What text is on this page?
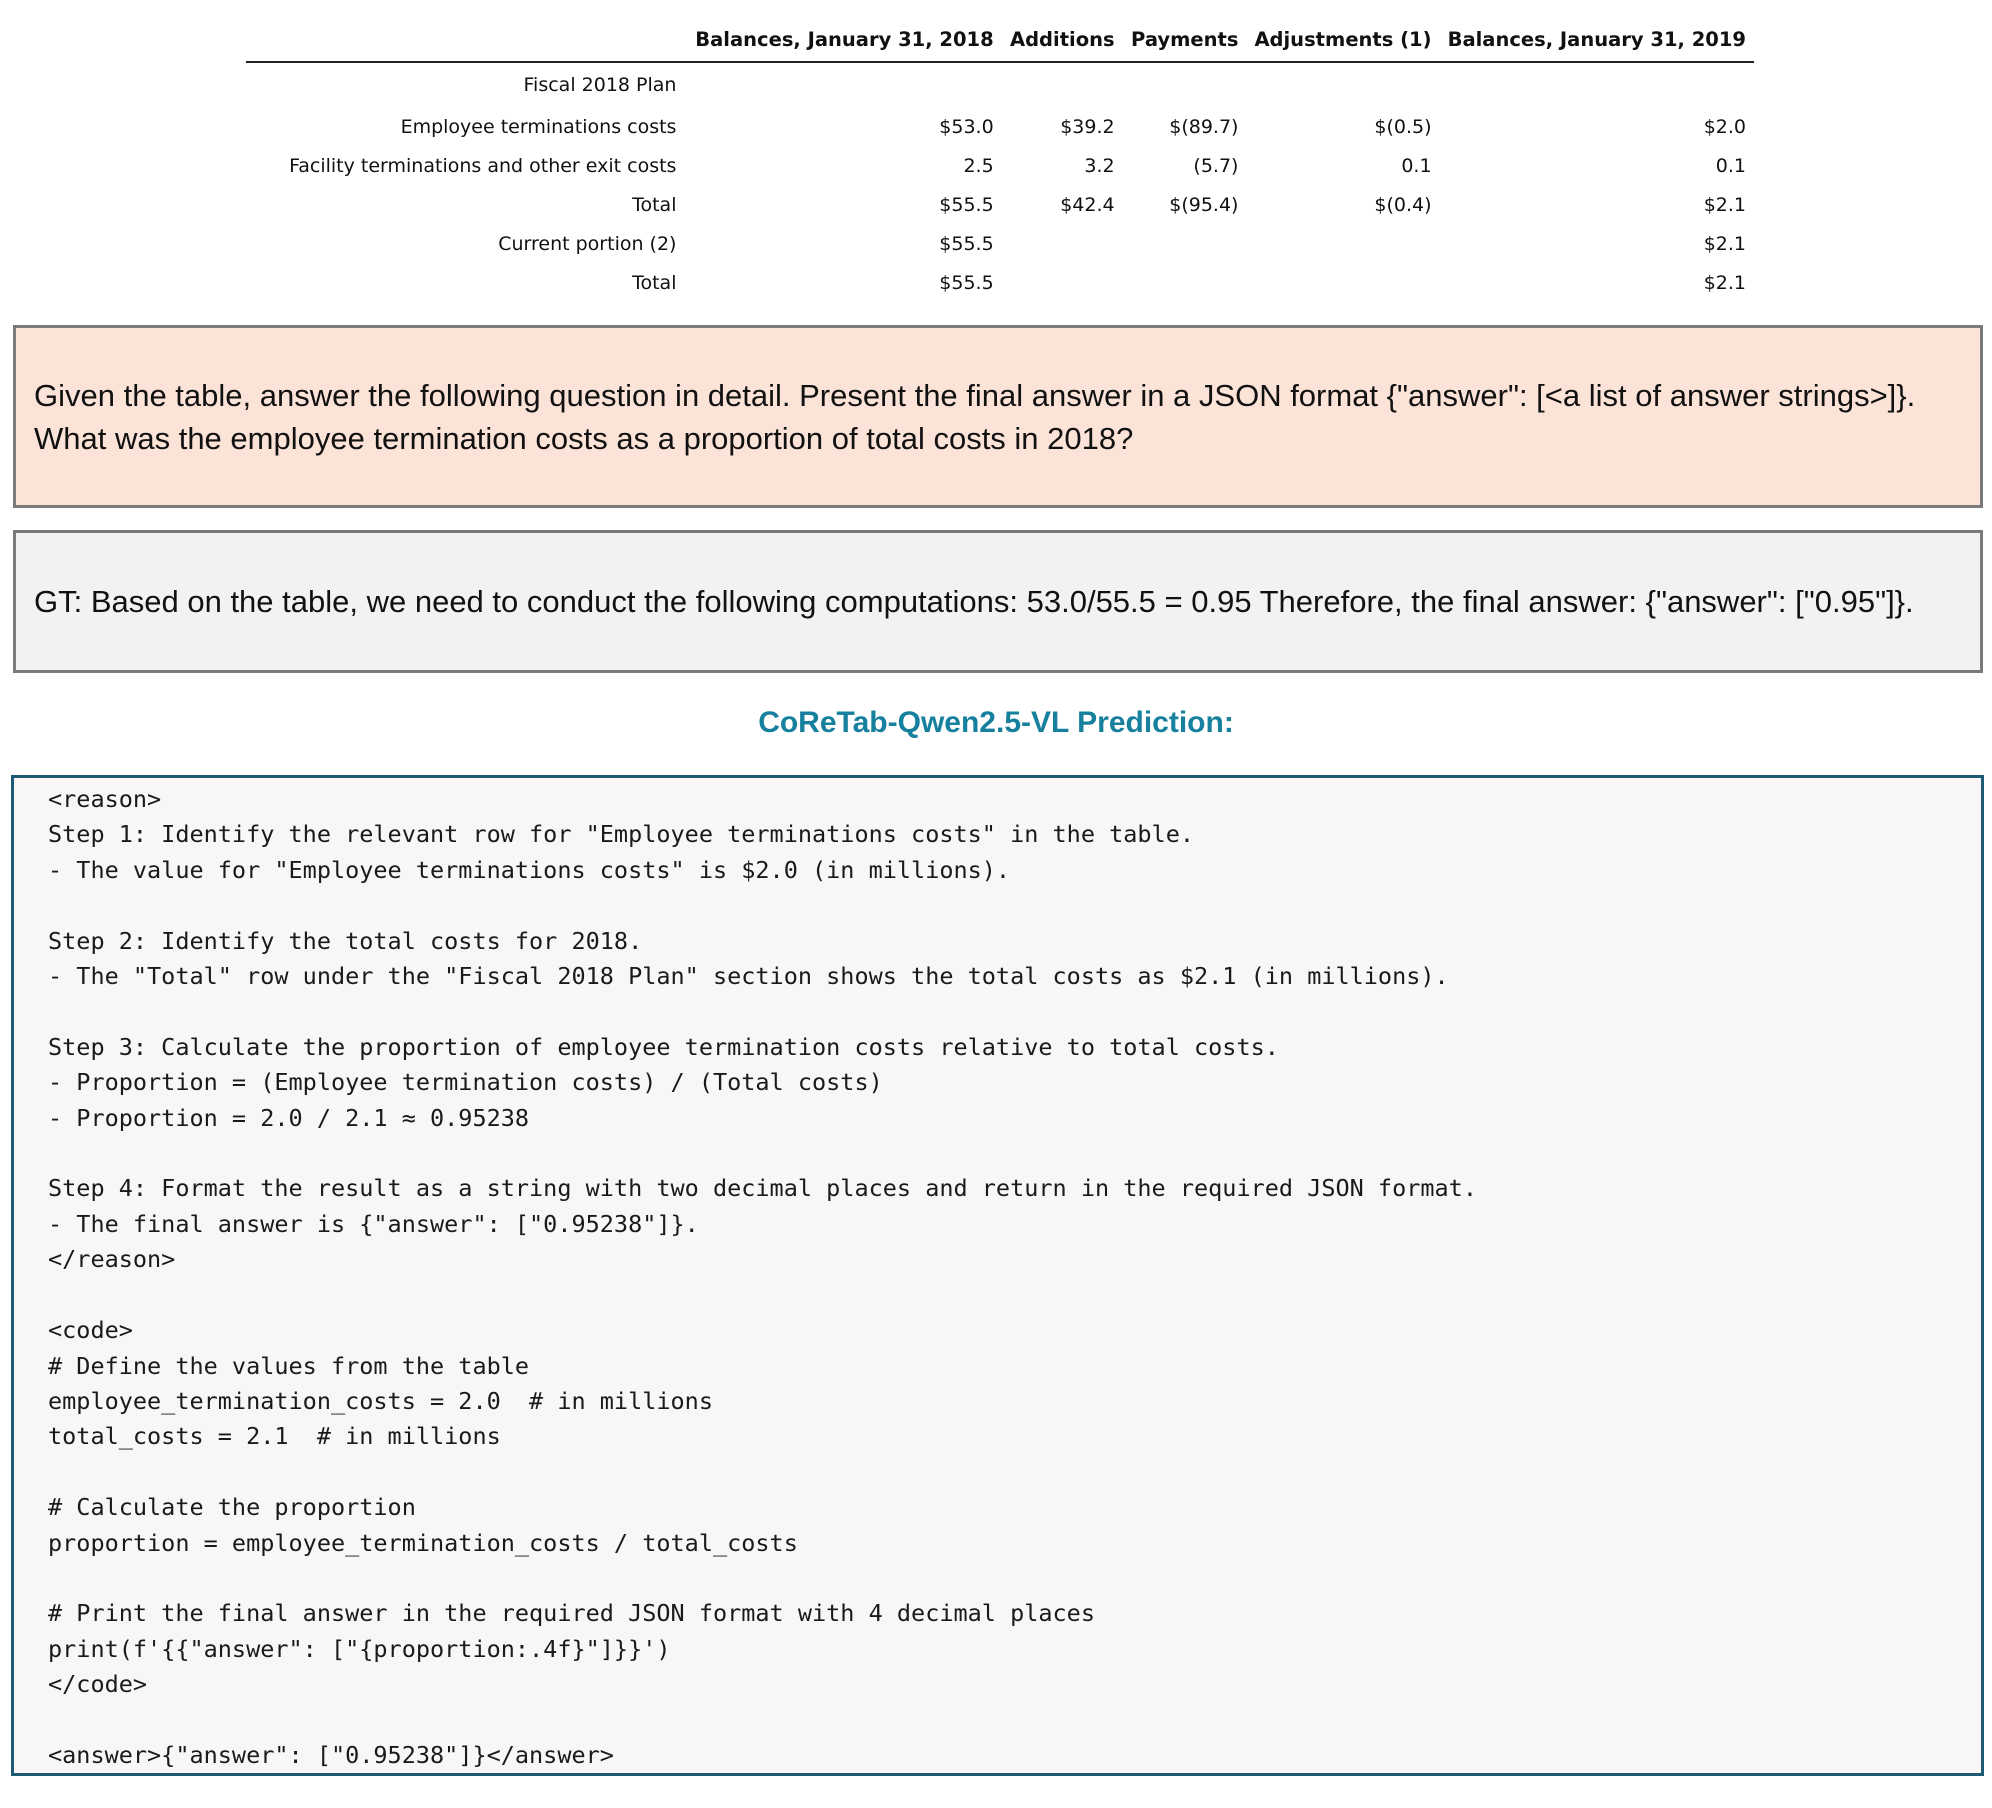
	Balances, January 31, 2018	Additions	Payments	Adjustments (1)	Balances, January 31, 2019
Fiscal 2018 Plan					
Employee terminations costs	$53.0	$39.2	$(89.7)	$(0.5)	$2.0
Facility terminations and other exit costs	2.5	3.2	(5.7)	0.1	0.1
Total	$55.5	$42.4	$(95.4)	$(0.4)	$2.1
Current portion (2)	$55.5				$2.1
Total	$55.5				$2.1
Given the table, answer the following question in detail. Present the final answer in a JSON format {"answer": [<a list of answer strings>]}. What was the employee termination costs as a proportion of total costs in 2018?
GT: Based on the table, we need to conduct the following computations: 53.0/55.5 = 0.95 Therefore, the final answer: {"answer": ["0.95"]}.
CoReTab-Qwen2.5-VL Prediction:
<reason>
Step 1: Identify the relevant row for "Employee terminations costs" in the table.
- The value for "Employee terminations costs" is $2.0 (in millions).

Step 2: Identify the total costs for 2018.
- The "Total" row under the "Fiscal 2018 Plan" section shows the total costs as $2.1 (in millions).

Step 3: Calculate the proportion of employee termination costs relative to total costs.
- Proportion = (Employee termination costs) / (Total costs)
- Proportion = 2.0 / 2.1 ≈ 0.95238

Step 4: Format the result as a string with two decimal places and return in the required JSON format.
- The final answer is {"answer": ["0.95238"]}.
</reason>

<code>
# Define the values from the table
employee_termination_costs = 2.0  # in millions
total_costs = 2.1  # in millions

# Calculate the proportion
proportion = employee_termination_costs / total_costs

# Print the final answer in the required JSON format with 4 decimal places
print(f'{{"answer": ["{proportion:.4f}"]}}')
</code>

<answer>{"answer": ["0.95238"]}</answer>
